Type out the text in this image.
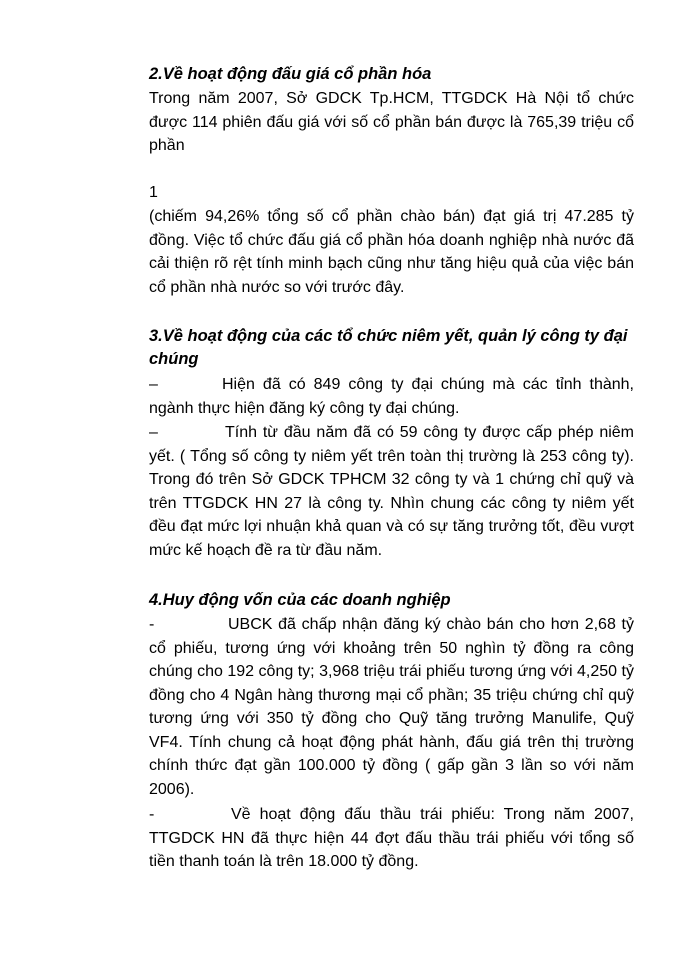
2.Về hoạt động đấu giá cổ phần hóa

Trong năm 2007, Sở GDCK Tp.HCM, TTGDCK Hà Nội tổ chức được 114 phiên đấu giá với số cổ phần bán được là 765,39 triệu cổ phần

1

(chiếm 94,26% tổng số cổ phần chào bán) đạt giá trị 47.285 tỷ đồng. Việc tổ chức đấu giá cổ phần hóa doanh nghiệp nhà nước đã cải thiện rõ rệt tính minh bạch cũng như tăng hiệu quả của việc bán cổ phần nhà nước so với trước đây.

3.Về hoạt động của các tổ chức niêm yết, quản lý công ty đại chúng

–	Hiện đã có 849 công ty đại chúng mà các tỉnh thành, ngành thực hiện đăng ký công ty đại chúng.

–	Tính từ đầu năm đã có 59 công ty được cấp phép niêm yết. ( Tổng số công ty niêm yết trên toàn thị trường là 253 công ty). Trong đó trên Sở GDCK TPHCM 32 công ty và 1 chứng chỉ quỹ và trên TTGDCK HN 27 là công ty. Nhìn chung các công ty niêm yết đều đạt mức lợi nhuận khả quan và có sự tăng trưởng tốt, đều vượt mức kế hoạch đề ra từ đầu năm.

4.Huy động vốn của các doanh nghiệp

-	UBCK đã chấp nhận đăng ký chào bán cho hơn 2,68 tỷ cổ phiếu, tương ứng với khoảng trên 50 nghìn tỷ đồng ra công chúng cho 192 công ty; 3,968 triệu trái phiếu tương ứng với 4,250 tỷ đồng cho 4 Ngân hàng thương mại cổ phần; 35 triệu chứng chỉ quỹ tương ứng với 350 tỷ đồng cho Quỹ tăng trưởng Manulife, Quỹ VF4. Tính chung cả hoạt động phát hành, đấu giá trên thị trường chính thức đạt gần 100.000 tỷ đồng ( gấp gần 3 lần so với năm 2006).

-	Về hoạt động đấu thầu trái phiếu: Trong năm 2007, TTGDCK HN đã thực hiện 44 đợt đấu thầu trái phiếu với tổng số tiền thanh toán là trên 18.000 tỷ đồng.
